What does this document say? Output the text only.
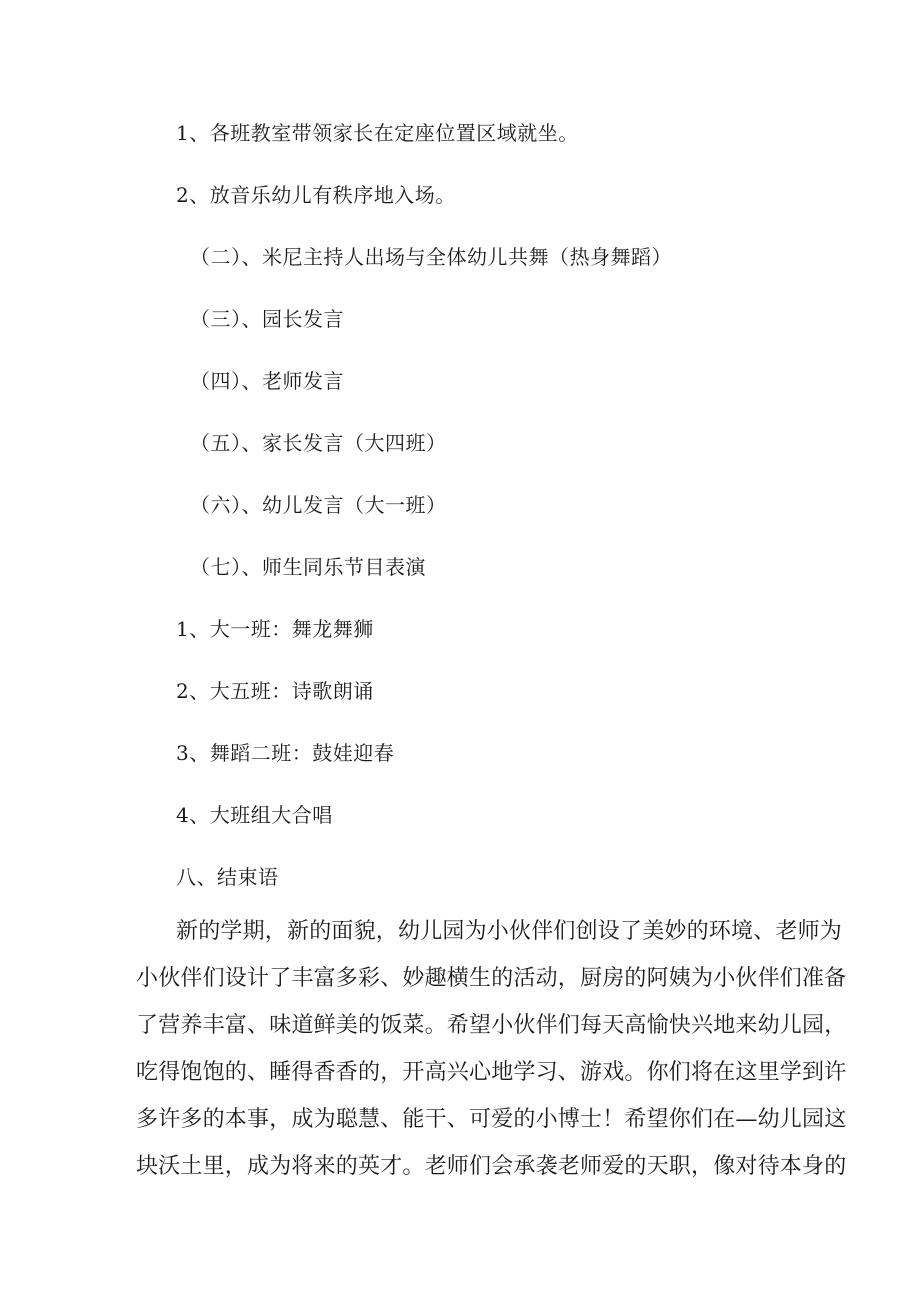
1、各班教室带领家长在定座位置区域就坐。
2、放音乐幼儿有秩序地入场。
（二）、米尼主持人出场与全体幼儿共舞（热身舞蹈）
（三）、园长发言
（四）、老师发言
（五）、家长发言（大四班）
（六）、幼儿发言（大一班）
（七）、师生同乐节目表演
1、大一班：舞龙舞狮
2、大五班：诗歌朗诵
3、舞蹈二班：鼓娃迎春
4、大班组大合唱
八、结束语
新的学期，新的面貌，幼儿园为小伙伴们创设了美妙的环境、老师为
小伙伴们设计了丰富多彩、妙趣横生的活动，厨房的阿姨为小伙伴们准备
了营养丰富、味道鲜美的饭菜。希望小伙伴们每天高愉快兴地来幼儿园，
吃得饱饱的、睡得香香的，开高兴心地学习、游戏。你们将在这里学到许
多许多的本事，成为聪慧、能干、可爱的小博士！希望你们在—幼儿园这
块沃土里，成为将来的英才。老师们会承袭老师爱的天职，像对待本身的
